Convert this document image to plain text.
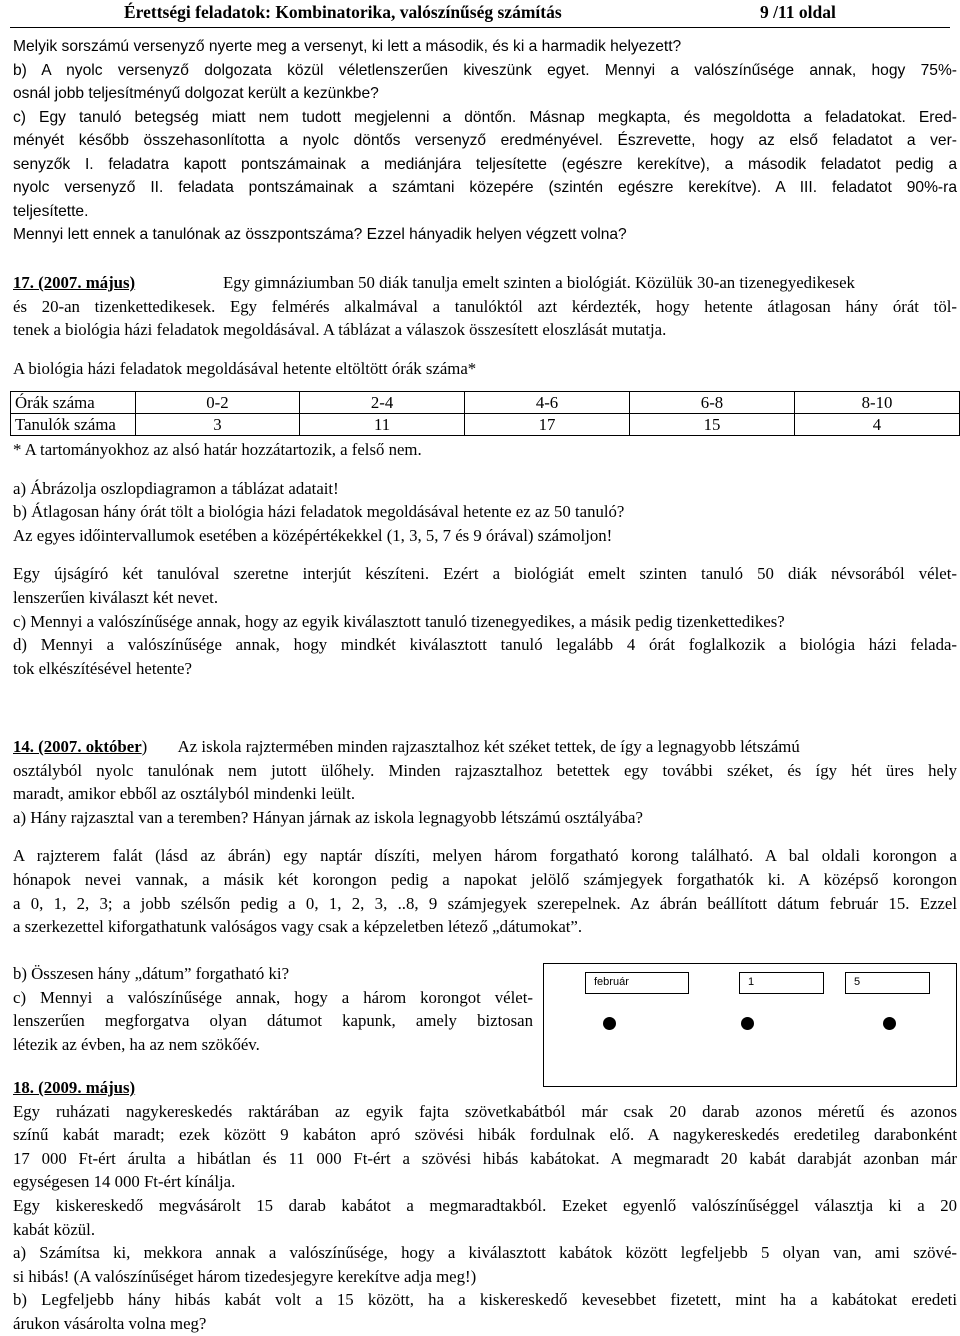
Érettségi feladatok: Kombinatorika, valószínűség számítás	9 /11 oldal
Melyik sorszámú versenyző nyerte meg a versenyt, ki lett a második, és ki a harmadik helyezett?
b) A nyolc versenyző dolgozata közül véletlenszerűen kiveszünk egyet. Mennyi a valószínűsége annak, hogy 75%-
osnál jobb teljesítményű dolgozat került a kezünkbe?
c) Egy tanuló betegség miatt nem tudott megjelenni a döntőn. Másnap megkapta, és megoldotta a feladatokat. Ered-
ményét később összehasonlította a nyolc döntős versenyző eredményével. Észrevette, hogy az első feladatot a ver-
senyzők I. feladatra kapott pontszámainak a mediánjára teljesítette (egészre kerekítve), a második feladatot pedig a
nyolc versenyző II. feladata pontszámainak a számtani közepére (szintén egészre kerekítve). A III. feladatot 90%-ra
teljesítette.
Mennyi lett ennek a tanulónak az összpontszáma? Ezzel hányadik helyen végzett volna?
17. (2007. május)	Egy gimnáziumban 50 diák tanulja emelt szinten a biológiát. Közülük 30-an tizenegyedikesek
és 20-an tizenkettedikesek. Egy felmérés alkalmával a tanulóktól azt kérdezték, hogy hetente átlagosan hány órát töl-
tenek a biológia házi feladatok megoldásával. A táblázat a válaszok összesített eloszlását mutatja.
A biológia házi feladatok megoldásával hetente eltöltött órák száma*
Órák száma	0-2	2-4	4-6	6-8	8-10
Tanulók száma	3	11	17	15	4
* A tartományokhoz az alsó határ hozzátartozik, a felső nem.
a) Ábrázolja oszlopdiagramon a táblázat adatait!
b) Átlagosan hány órát tölt a biológia házi feladatok megoldásával hetente ez az 50 tanuló?
Az egyes időintervallumok esetében a középértékekkel (1, 3, 5, 7 és 9 órával) számoljon!
Egy újságíró két tanulóval szeretne interjút készíteni. Ezért a biológiát emelt szinten tanuló 50 diák névsorából vélet-
lenszerűen kiválaszt két nevet.
c) Mennyi a valószínűsége annak, hogy az egyik kiválasztott tanuló tizenegyedikes, a másik pedig tizenkettedikes?
d) Mennyi a valószínűsége annak, hogy mindkét kiválasztott tanuló legalább 4 órát foglalkozik a biológia házi felada-
tok elkészítésével hetente?
14. (2007. október) Az iskola rajztermében minden rajzasztalhoz két széket tettek, de így a legnagyobb létszámú
osztályból nyolc tanulónak nem jutott ülőhely. Minden rajzasztalhoz betettek egy további széket, és így hét üres hely
maradt, amikor ebből az osztályból mindenki leült.
a) Hány rajzasztal van a teremben? Hányan járnak az iskola legnagyobb létszámú osztályába?
A rajzterem falát (lásd az ábrán) egy naptár díszíti, melyen három forgatható korong található. A bal oldali korongon a
hónapok nevei vannak, a másik két korongon pedig a napokat jelölő számjegyek forgathatók ki. A középső korongon
a 0, 1, 2, 3; a jobb szélsőn pedig a 0, 1, 2, 3, ..8, 9 számjegyek szerepelnek. Az ábrán beállított dátum február 15. Ezzel
a szerkezettel kiforgathatunk valóságos vagy csak a képzeletben létező „dátumokat”.
b) Összesen hány „dátum” forgatható ki?
c) Mennyi a valószínűsége annak, hogy a három korongot vélet-
lenszerűen megforgatva olyan dátumot kapunk, amely biztosan
létezik az évben, ha az nem szökőév.
február	1	5
18. (2009. május)
Egy ruházati nagykereskedés raktárában az egyik fajta szövetkabátból már csak 20 darab azonos méretű és azonos
színű kabát maradt; ezek között 9 kabáton apró szövési hibák fordulnak elő. A nagykereskedés eredetileg darabonként
17 000 Ft-ért árulta a hibátlan és 11 000 Ft-ért a szövési hibás kabátokat. A megmaradt 20 kabát darabját azonban már
egységesen 14 000 Ft-ért kínálja.
Egy kiskereskedő megvásárolt 15 darab kabátot a megmaradtakból. Ezeket egyenlő valószínűséggel választja ki a 20
kabát közül.
a) Számítsa ki, mekkora annak a valószínűsége, hogy a kiválasztott kabátok között legfeljebb 5 olyan van, ami szövé-
si hibás! (A valószínűséget három tizedesjegyre kerekítve adja meg!)
b) Legfeljebb hány hibás kabát volt a 15 között, ha a kiskereskedő kevesebbet fizetett, mint ha a kabátokat eredeti
árukon vásárolta volna meg?
